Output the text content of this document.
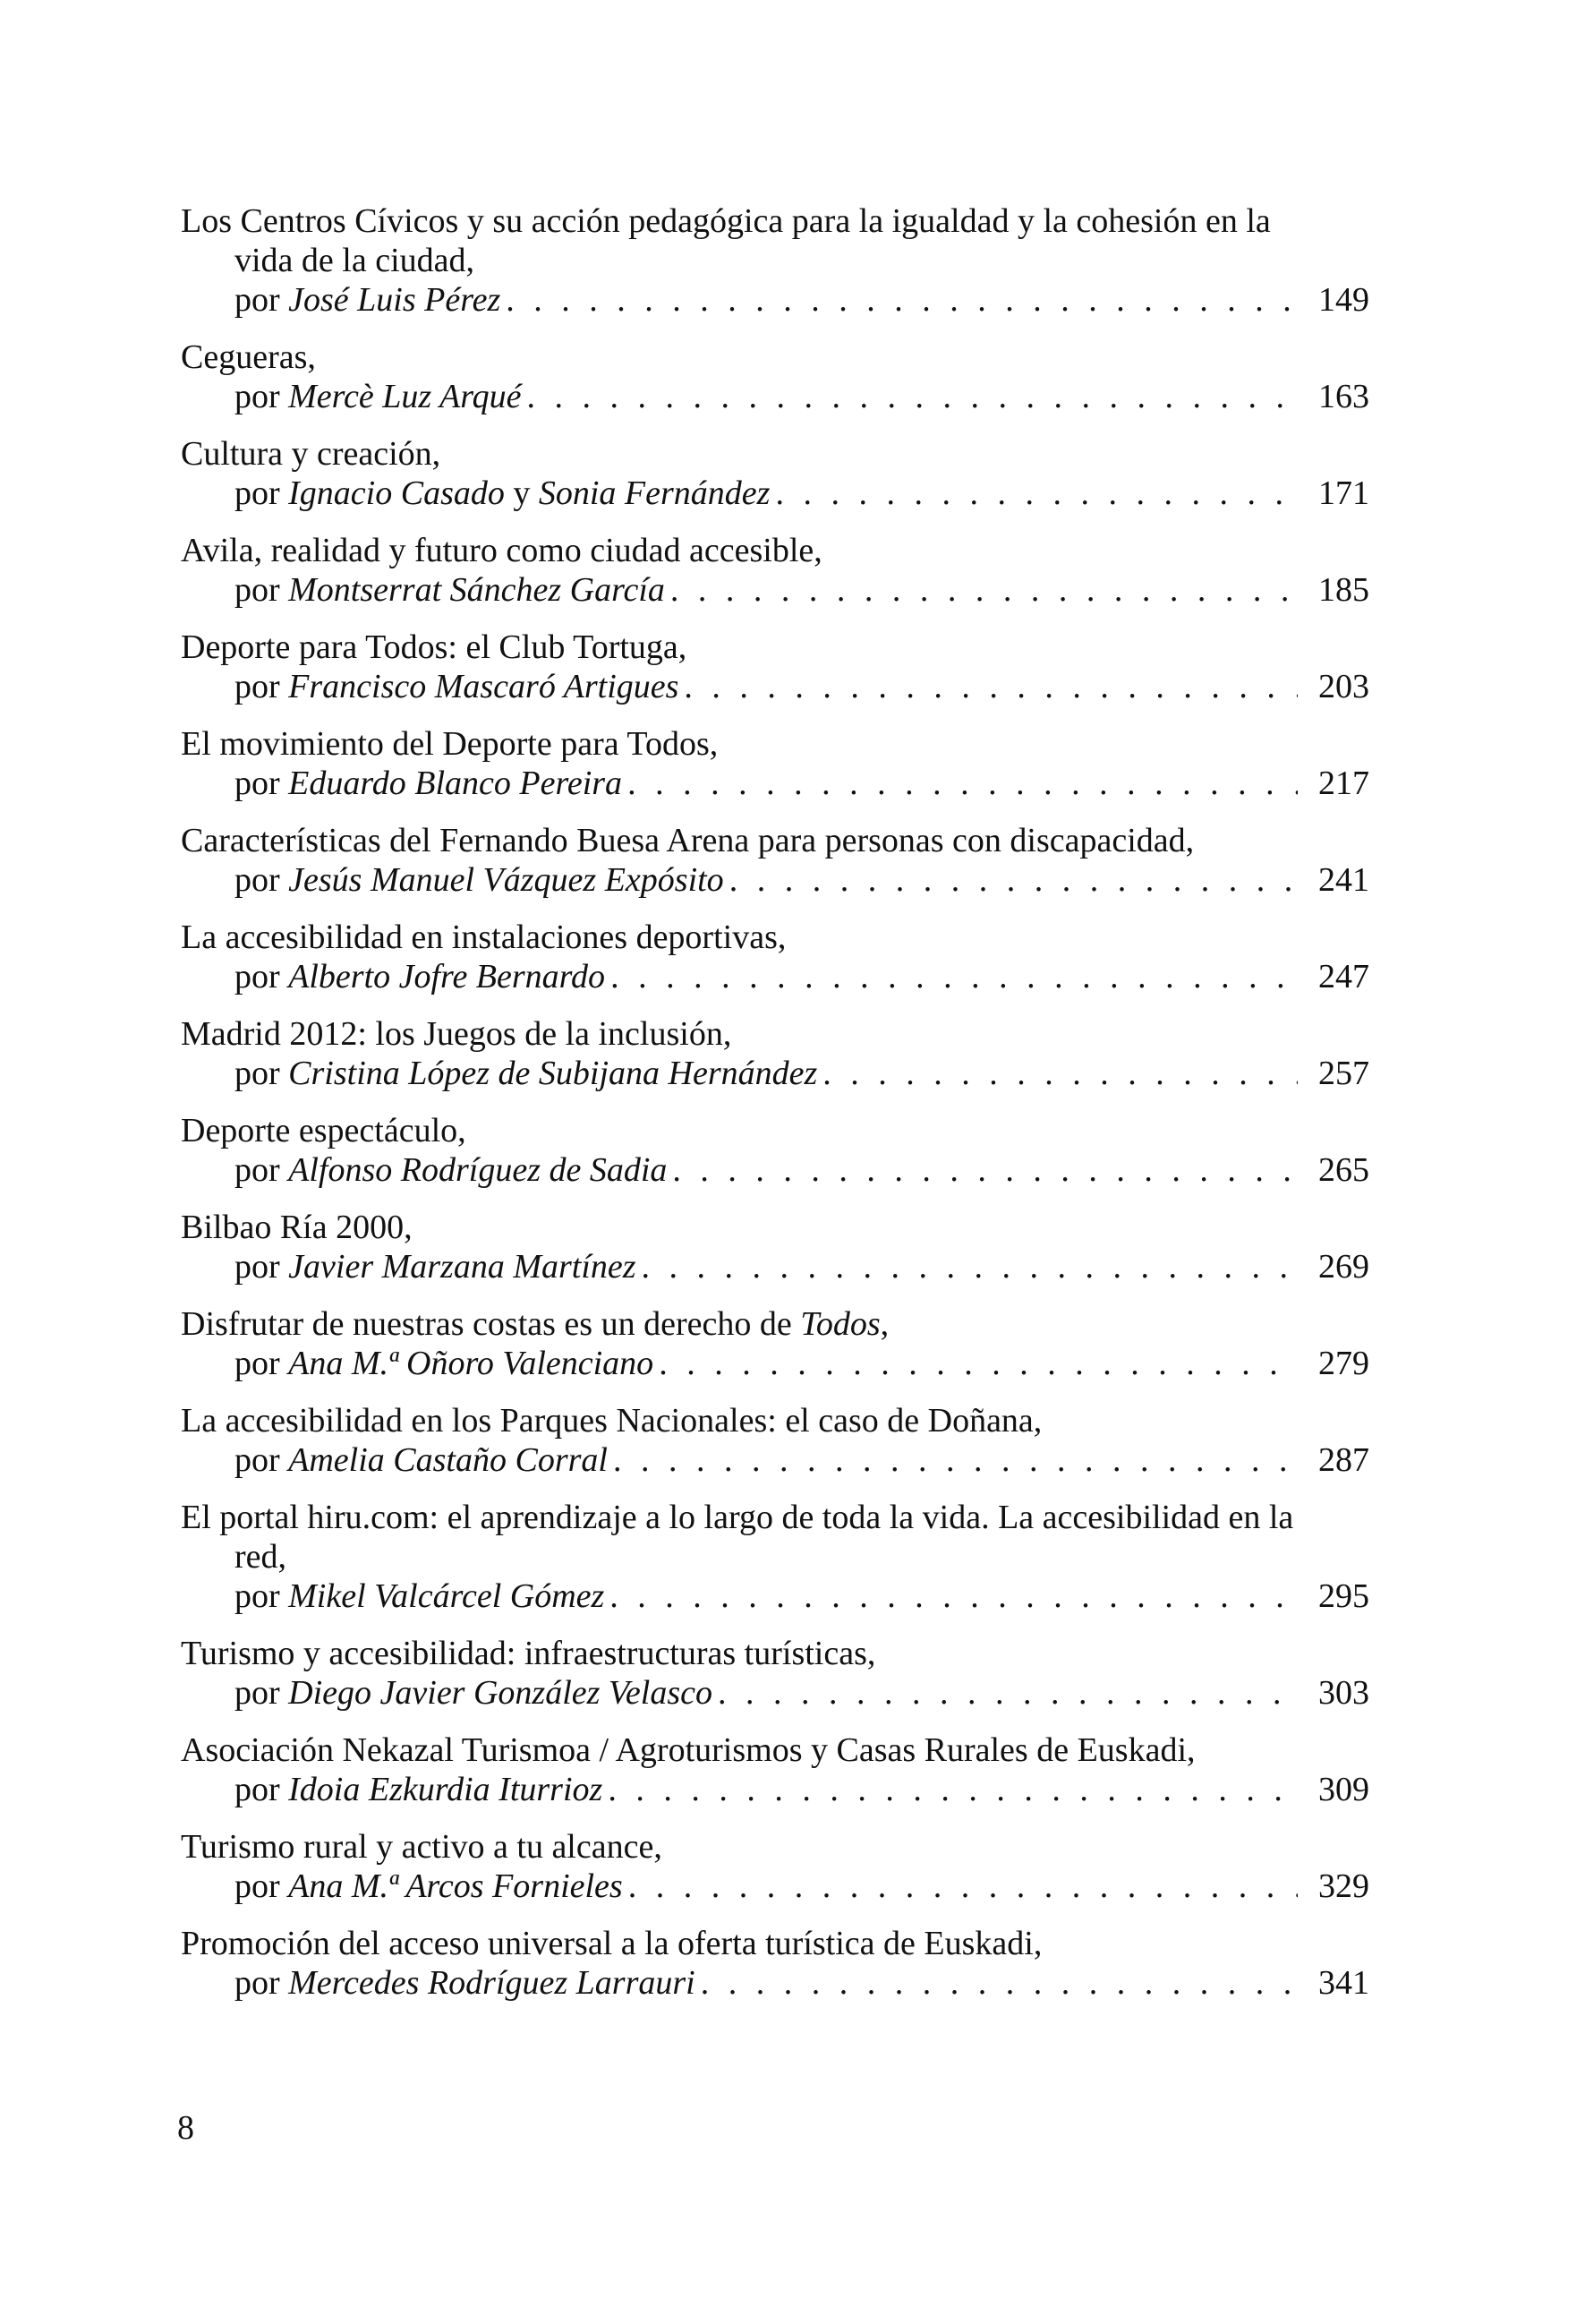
Los Centros Cívicos y su acción pedagógica para la igualdad y la cohesión en la vida de la ciudad,
por
José Luis Pérez . . .	149
Cegueras,
por
Mercè Luz Arqué . . .	163
Cultura y creación,
por
Ignacio Casado
y
Sonia Fernández . . .	171
Avila, realidad y futuro como ciudad accesible,
por
Montserrat Sánchez García . . .	185
Deporte para Todos: el Club Tortuga,
por
Francisco Mascaró Artigues . . .	203
El movimiento del Deporte para Todos,
por
Eduardo Blanco Pereira . . .	217
Características del Fernando Buesa Arena para personas con discapacidad,
por
Jesús Manuel Vázquez Expósito . . .	241
La accesibilidad en instalaciones deportivas,
por
Alberto Jofre Bernardo . . .	247
Madrid 2012: los Juegos de la inclusión,
por
Cristina López de Subijana Hernández . . .	257
Deporte espectáculo,
por
Alfonso Rodríguez de Sadia . . .	265
Bilbao Ría 2000,
por
Javier Marzana Martínez . . .	269
Disfrutar de nuestras costas es un derecho de Todos,
por
Ana M.ª Oñoro Valenciano . . .	279
La accesibilidad en los Parques Nacionales: el caso de Doñana,
por
Amelia Castaño Corral . . .	287
El portal hiru.com: el aprendizaje a lo largo de toda la vida. La accesibilidad en la red,
por
Mikel Valcárcel Gómez . . .	295
Turismo y accesibilidad: infraestructuras turísticas,
por
Diego Javier González Velasco . . .	303
Asociación Nekazal Turismoa / Agroturismos y Casas Rurales de Euskadi,
por
Idoia Ezkurdia Iturrioz . . .	309
Turismo rural y activo a tu alcance,
por
Ana M.ª Arcos Fornieles . . .	329
Promoción del acceso universal a la oferta turística de Euskadi,
por
Mercedes Rodríguez Larrauri . . .	341
8
